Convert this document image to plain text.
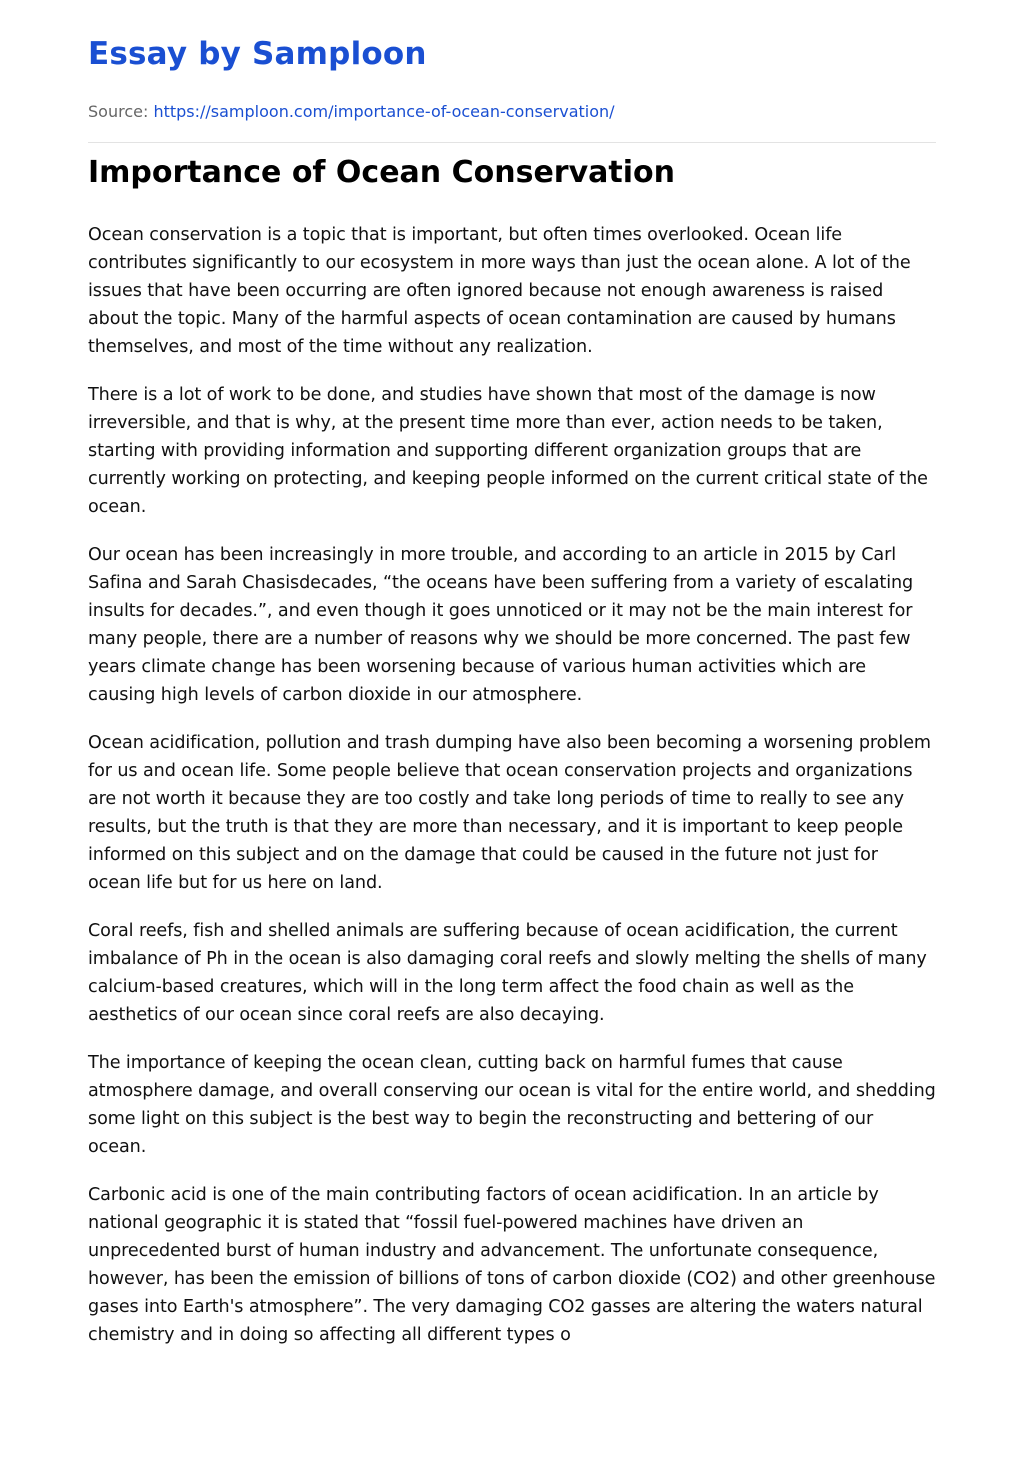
Essay by Samploon
Source: https://samploon.com/importance-of-ocean-conservation/
Importance of Ocean Conservation

Ocean conservation is a topic that is important, but often times overlooked. Ocean life contributes significantly to our ecosystem in more ways than just the ocean alone. A lot of the issues that have been occurring are often ignored because not enough awareness is raised about the topic. Many of the harmful aspects of ocean contamination are caused by humans themselves, and most of the time without any realization.

There is a lot of work to be done, and studies have shown that most of the damage is now irreversible, and that is why, at the present time more than ever, action needs to be taken, starting with providing information and supporting different organization groups that are currently working on protecting, and keeping people informed on the current critical state of the ocean.

Our ocean has been increasingly in more trouble, and according to an article in 2015 by Carl Safina and Sarah Chasisdecades, “the oceans have been suffering from a variety of escalating insults for decades.”, and even though it goes unnoticed or it may not be the main interest for many people, there are a number of reasons why we should be more concerned. The past few years climate change has been worsening because of various human activities which are causing high levels of carbon dioxide in our atmosphere.

Ocean acidification, pollution and trash dumping have also been becoming a worsening problem for us and ocean life. Some people believe that ocean conservation projects and organizations are not worth it because they are too costly and take long periods of time to really to see any results, but the truth is that they are more than necessary, and it is important to keep people informed on this subject and on the damage that could be caused in the future not just for ocean life but for us here on land.

Coral reefs, fish and shelled animals are suffering because of ocean acidification, the current imbalance of Ph in the ocean is also damaging coral reefs and slowly melting the shells of many calcium-based creatures, which will in the long term affect the food chain as well as the aesthetics of our ocean since coral reefs are also decaying.

The importance of keeping the ocean clean, cutting back on harmful fumes that cause atmosphere damage, and overall conserving our ocean is vital for the entire world, and shedding some light on this subject is the best way to begin the reconstructing and bettering of our ocean.

Carbonic acid is one of the main contributing factors of ocean acidification. In an article by national geographic it is stated that “fossil fuel-powered machines have driven an unprecedented burst of human industry and advancement. The unfortunate consequence, however, has been the emission of billions of tons of carbon dioxide (CO2) and other greenhouse gases into Earth's atmosphere”. The very damaging CO2 gasses are altering the waters natural chemistry and in doing so affecting all different types o
